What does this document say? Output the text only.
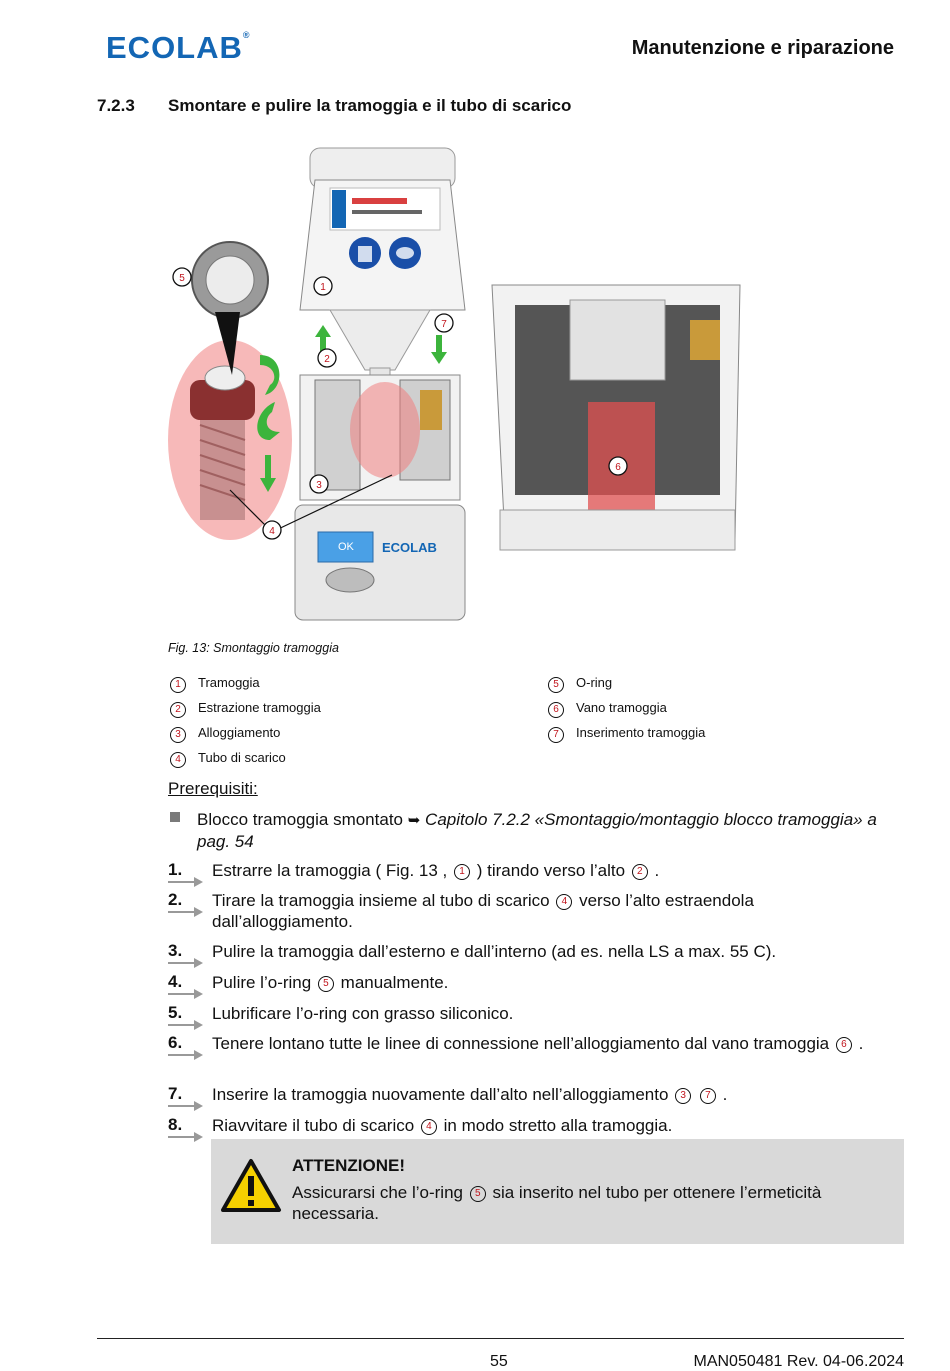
ECOLAB®
Manutenzione e riparazione
7.2.3 Smontare e pulire la tramoggia e il tubo di scarico
OK ECOLAB
5
1
7
2
3
4
6
Fig. 13: Smontaggio tramoggia
1	Tramoggia
2	Estrazione tramoggia
3	Alloggiamento
4	Tubo di scarico
5	O-ring
6	Vano tramoggia
7	Inserimento tramoggia
Prerequisiti:
Blocco tramoggia smontato ➥ Capitolo 7.2.2 «Smontaggio/montaggio blocco tramoggia» a pag. 54
1.	Estrarre la tramoggia ( Fig. 13 , 1 ) tirando verso l’alto 2 .
2.	Tirare la tramoggia insieme al tubo di scarico 4 verso l’alto estraendola dall’alloggiamento.
3.	Pulire la tramoggia dall’esterno e dall’interno (ad es. nella LS a max. 55 C).
4.	Pulire l’o-ring 5 manualmente.
5.	Lubrificare l’o-ring con grasso siliconico.
6.	Tenere lontano tutte le linee di connessione nell’alloggiamento dal vano tramoggia 6 .
7.	Inserire la tramoggia nuovamente dall’alto nell’alloggiamento 3 7 .
8.	Riavvitare il tubo di scarico 4 in modo stretto alla tramoggia.
ATTENZIONE!
Assicurarsi che l’o-ring 5 sia inserito nel tubo per ottenere l’ermeticità necessaria.
55	MAN050481 Rev. 04-06.2024
